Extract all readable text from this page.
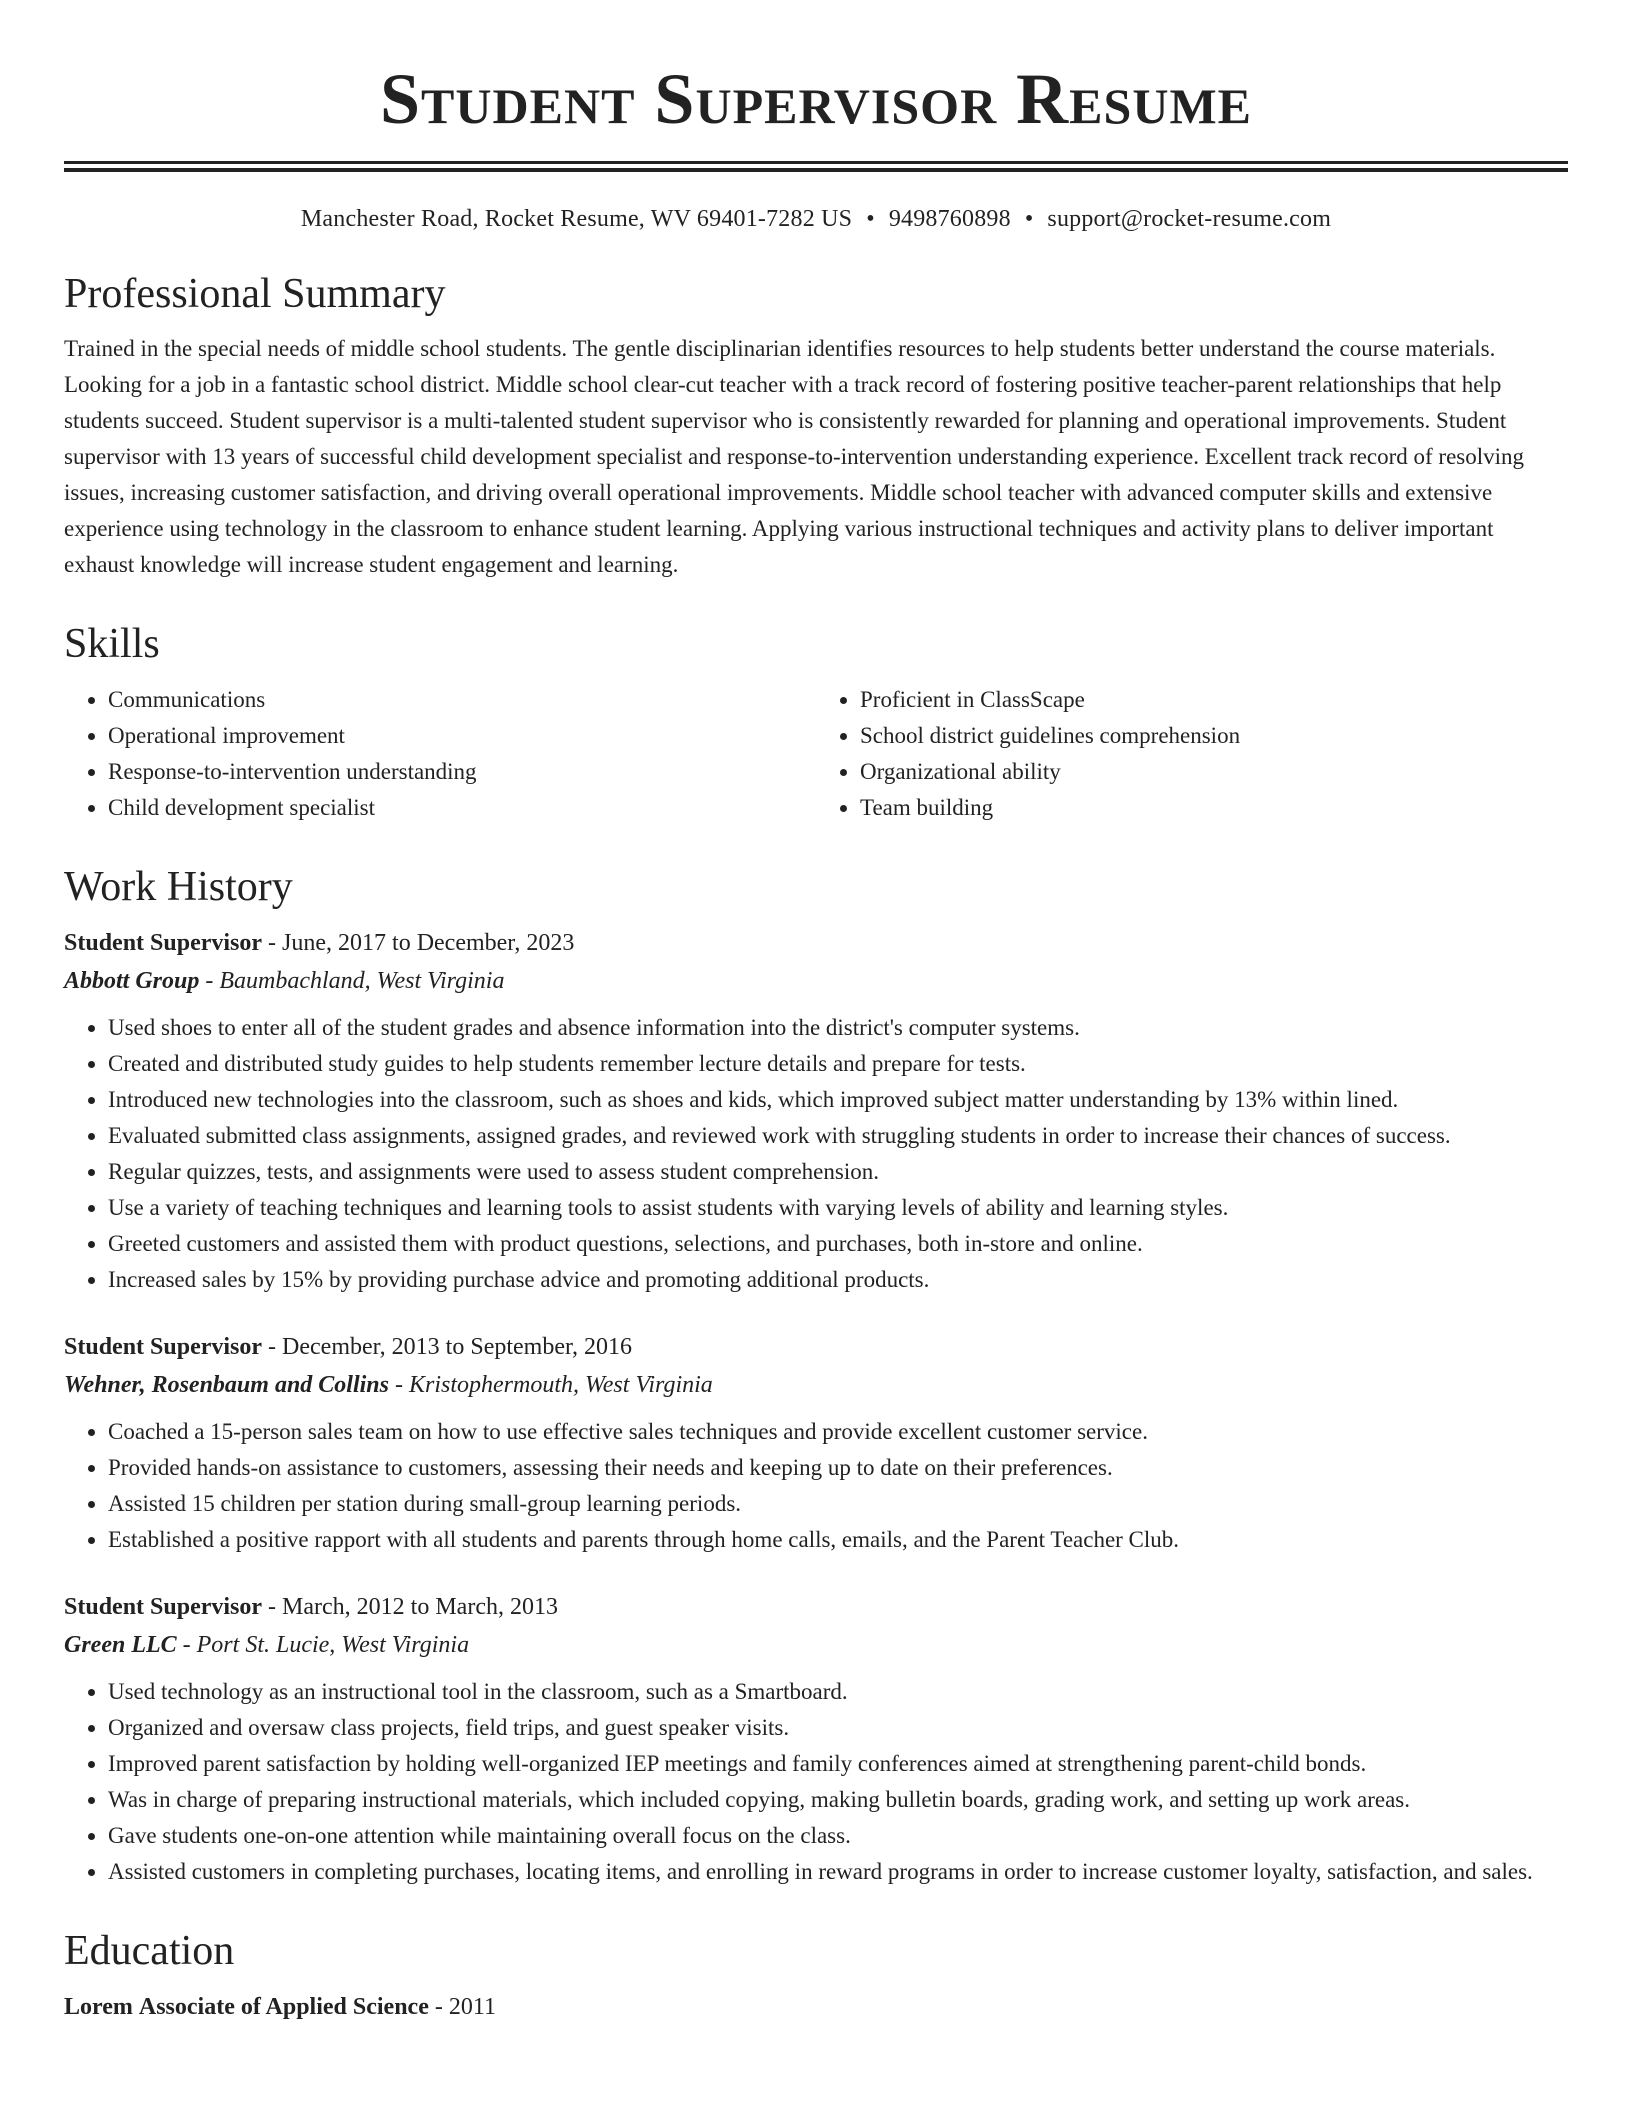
Student Supervisor Resume
Manchester Road, Rocket Resume, WV 69401-7282 US • 9498760898 • support@rocket-resume.com
Professional Summary

Trained in the special needs of middle school students. The gentle disciplinarian identifies resources to help students better understand the course materials. Looking for a job in a fantastic school district. Middle school clear-cut teacher with a track record of fostering positive teacher-parent relationships that help students succeed. Student supervisor is a multi-talented student supervisor who is consistently rewarded for planning and operational improvements. Student supervisor with 13 years of successful child development specialist and response-to-intervention understanding experience. Excellent track record of resolving issues, increasing customer satisfaction, and driving overall operational improvements. Middle school teacher with advanced computer skills and extensive experience using technology in the classroom to enhance student learning. Applying various instructional techniques and activity plans to deliver important exhaust knowledge will increase student engagement and learning.

Skills
• Communications
• Operational improvement
• Response-to-intervention understanding
• Child development specialist
• Proficient in ClassScape
• School district guidelines comprehension
• Organizational ability
• Team building
Work History
Student Supervisor - June, 2017 to December, 2023
Abbott Group - Baumbachland, West Virginia
• Used shoes to enter all of the student grades and absence information into the district's computer systems.
• Created and distributed study guides to help students remember lecture details and prepare for tests.
• Introduced new technologies into the classroom, such as shoes and kids, which improved subject matter understanding by 13% within lined.
• Evaluated submitted class assignments, assigned grades, and reviewed work with struggling students in order to increase their chances of success.
• Regular quizzes, tests, and assignments were used to assess student comprehension.
• Use a variety of teaching techniques and learning tools to assist students with varying levels of ability and learning styles.
• Greeted customers and assisted them with product questions, selections, and purchases, both in-store and online.
• Increased sales by 15% by providing purchase advice and promoting additional products.
Student Supervisor - December, 2013 to September, 2016
Wehner, Rosenbaum and Collins - Kristophermouth, West Virginia
• Coached a 15-person sales team on how to use effective sales techniques and provide excellent customer service.
• Provided hands-on assistance to customers, assessing their needs and keeping up to date on their preferences.
• Assisted 15 children per station during small-group learning periods.
• Established a positive rapport with all students and parents through home calls, emails, and the Parent Teacher Club.
Student Supervisor - March, 2012 to March, 2013
Green LLC - Port St. Lucie, West Virginia
• Used technology as an instructional tool in the classroom, such as a Smartboard.
• Organized and oversaw class projects, field trips, and guest speaker visits.
• Improved parent satisfaction by holding well-organized IEP meetings and family conferences aimed at strengthening parent-child bonds.
• Was in charge of preparing instructional materials, which included copying, making bulletin boards, grading work, and setting up work areas.
• Gave students one-on-one attention while maintaining overall focus on the class.
• Assisted customers in completing purchases, locating items, and enrolling in reward programs in order to increase customer loyalty, satisfaction, and sales.
Education
Lorem Associate of Applied Science - 2011
